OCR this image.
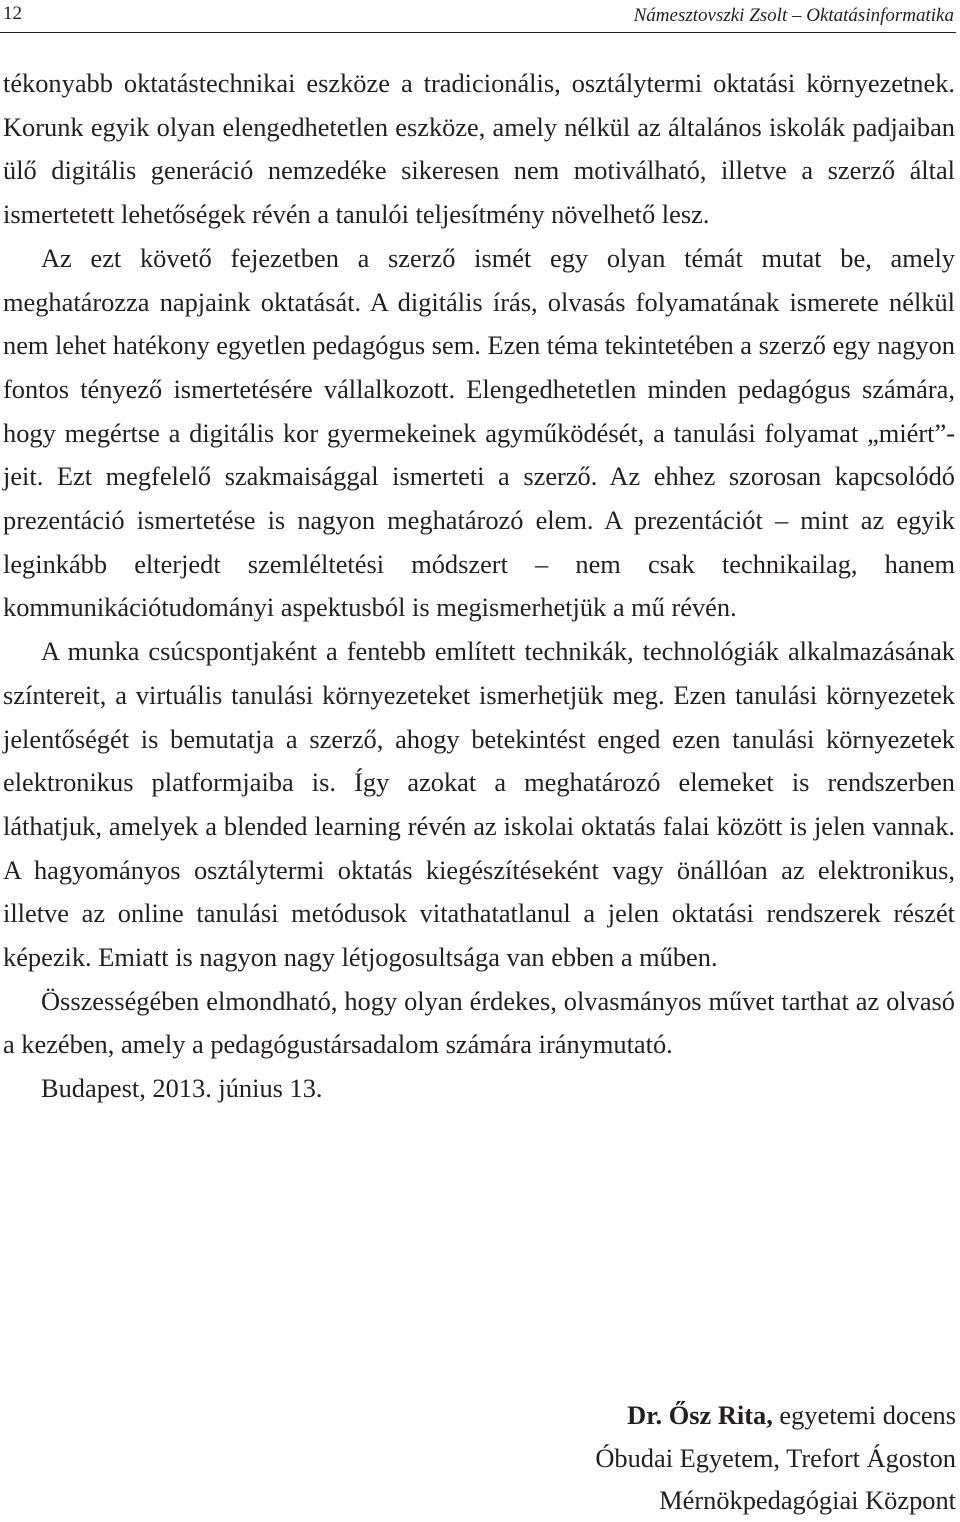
12	Námesztovszki Zsolt – Oktatásinformatika

tékonyabb oktatástechnikai eszköze a tradicionális, osztálytermi oktatási környezetnek. Korunk egyik olyan elengedhetetlen eszköze, amely nélkül az általános iskolák padjaiban ülő digitális generáció nemzedéke sikeresen nem motiválható, illetve a szerző által ismertetett lehetőségek révén a tanulói teljesítmény növelhető lesz.

Az ezt követő fejezetben a szerző ismét egy olyan témát mutat be, amely meghatározza napjaink oktatását. A digitális írás, olvasás folyamatának ismerete nélkül nem lehet hatékony egyetlen pedagógus sem. Ezen téma tekintetében a szerző egy nagyon fontos tényező ismertetésére vállalkozott. Elengedhetetlen minden pedagógus számára, hogy megértse a digitális kor gyermekeinek agyműködését, a tanulási folyamat „miért”-jeit. Ezt megfelelő szakmaisággal ismerteti a szerző. Az ehhez szorosan kapcsolódó prezentáció ismertetése is nagyon meghatározó elem. A prezentációt – mint az egyik leginkább elterjedt szemléltetési módszert – nem csak technikailag, hanem kommunikációtudományi aspektusból is megismerhetjük a mű révén.

A munka csúcspontjaként a fentebb említett technikák, technológiák alkalmazásának színtereit, a virtuális tanulási környezeteket ismerhetjük meg. Ezen tanulási környezetek jelentőségét is bemutatja a szerző, ahogy betekintést enged ezen tanulási környezetek elektronikus platformjaiba is. Így azokat a meghatározó elemeket is rendszerben láthatjuk, amelyek a blended learning révén az iskolai oktatás falai között is jelen vannak. A hagyományos osztálytermi oktatás kiegészítéseként vagy önállóan az elektronikus, illetve az online tanulási metódusok vitathatatlanul a jelen oktatási rendszerek részét képezik. Emiatt is nagyon nagy létjogosultsága van ebben a műben.

Összességében elmondható, hogy olyan érdekes, olvasmányos művet tarthat az olvasó a kezében, amely a pedagógustársadalom számára iránymutató.

Budapest, 2013. június 13.

Dr. Ősz Rita, egyetemi docens
Óbudai Egyetem, Trefort Ágoston
Mérnökpedagógiai Központ
